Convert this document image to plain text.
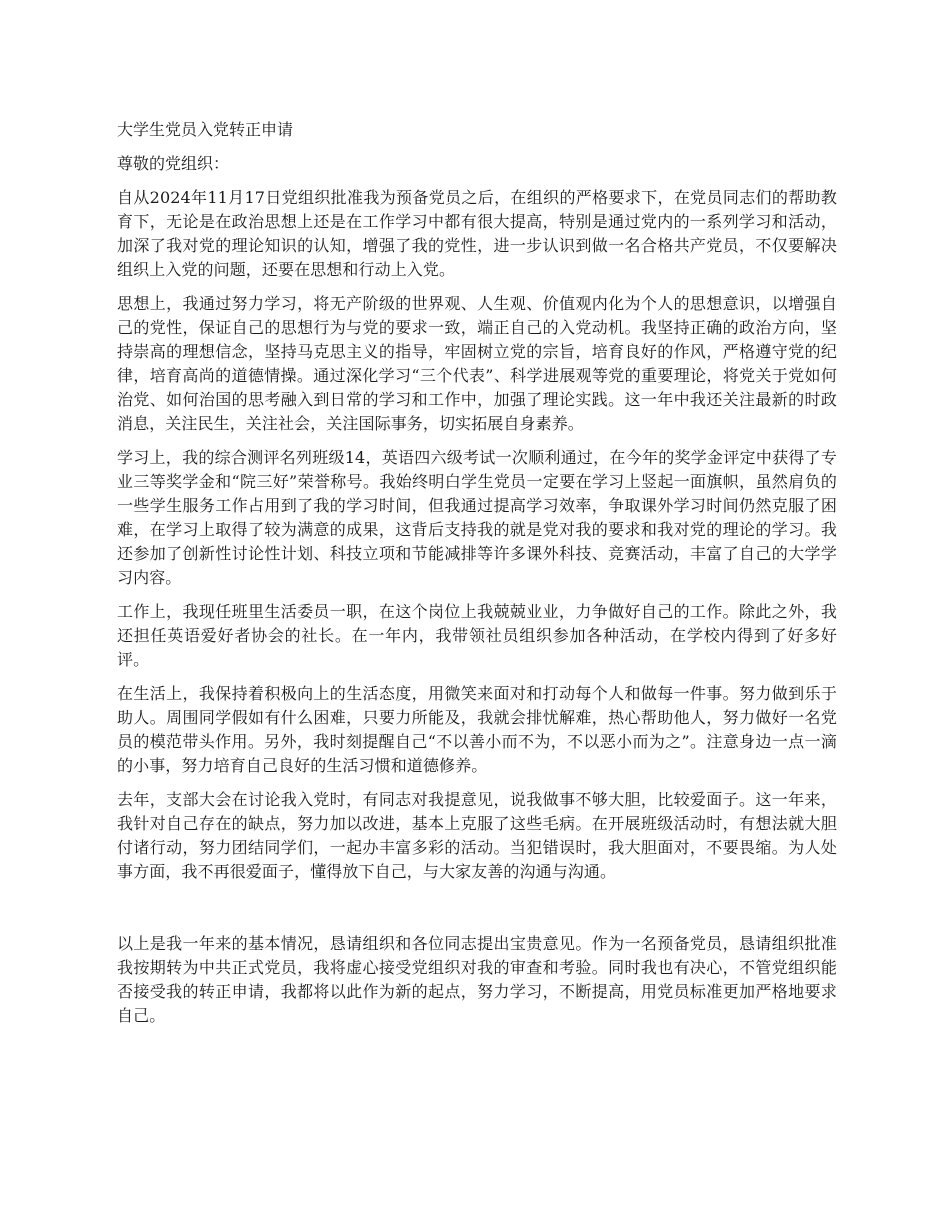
大学生党员入党转正申请
尊敬的党组织：

自从2024年11月17日党组织批准我为预备党员之后，在组织的严格要求下，在党员同志们的帮助教育下，无论是在政治思想上还是在工作学习中都有很大提高，特别是通过党内的一系列学习和活动，加深了我对党的理论知识的认知，增强了我的党性，进一步认识到做一名合格共产党员，不仅要解决组织上入党的问题，还要在思想和行动上入党。

思想上，我通过努力学习，将无产阶级的世界观、人生观、价值观内化为个人的思想意识，以增强自己的党性，保证自己的思想行为与党的要求一致，端正自己的入党动机。我坚持正确的政治方向，坚持崇高的理想信念，坚持马克思主义的指导，牢固树立党的宗旨，培育良好的作风，严格遵守党的纪律，培育高尚的道德情操。通过深化学习“三个代表”、科学进展观等党的重要理论，将党关于党如何治党、如何治国的思考融入到日常的学习和工作中，加强了理论实践。这一年中我还关注最新的时政消息，关注民生，关注社会，关注国际事务，切实拓展自身素养。

学习上，我的综合测评名列班级14，英语四六级考试一次顺利通过，在今年的奖学金评定中获得了专业三等奖学金和“院三好”荣誉称号。我始终明白学生党员一定要在学习上竖起一面旗帜，虽然肩负的一些学生服务工作占用到了我的学习时间，但我通过提高学习效率，争取课外学习时间仍然克服了困难，在学习上取得了较为满意的成果，这背后支持我的就是党对我的要求和我对党的理论的学习。我还参加了创新性讨论性计划、科技立项和节能减排等许多课外科技、竞赛活动，丰富了自己的大学学习内容。

工作上，我现任班里生活委员一职，在这个岗位上我兢兢业业，力争做好自己的工作。除此之外，我还担任英语爱好者协会的社长。在一年内，我带领社员组织参加各种活动，在学校内得到了好多好评。

在生活上，我保持着积极向上的生活态度，用微笑来面对和打动每个人和做每一件事。努力做到乐于助人。周围同学假如有什么困难，只要力所能及，我就会排忧解难，热心帮助他人，努力做好一名党员的模范带头作用。另外，我时刻提醒自己“不以善小而不为，不以恶小而为之”。注意身边一点一滴的小事，努力培育自己良好的生活习惯和道德修养。

去年，支部大会在讨论我入党时，有同志对我提意见，说我做事不够大胆，比较爱面子。这一年来，我针对自己存在的缺点，努力加以改进，基本上克服了这些毛病。在开展班级活动时，有想法就大胆付诸行动，努力团结同学们，一起办丰富多彩的活动。当犯错误时，我大胆面对，不要畏缩。为人处事方面，我不再很爱面子，懂得放下自己，与大家友善的沟通与沟通。

以上是我一年来的基本情况，恳请组织和各位同志提出宝贵意见。作为一名预备党员，恳请组织批准我按期转为中共正式党员，我将虚心接受党组织对我的审查和考验。同时我也有决心，不管党组织能否接受我的转正申请，我都将以此作为新的起点，努力学习，不断提高，用党员标准更加严格地要求自己。
